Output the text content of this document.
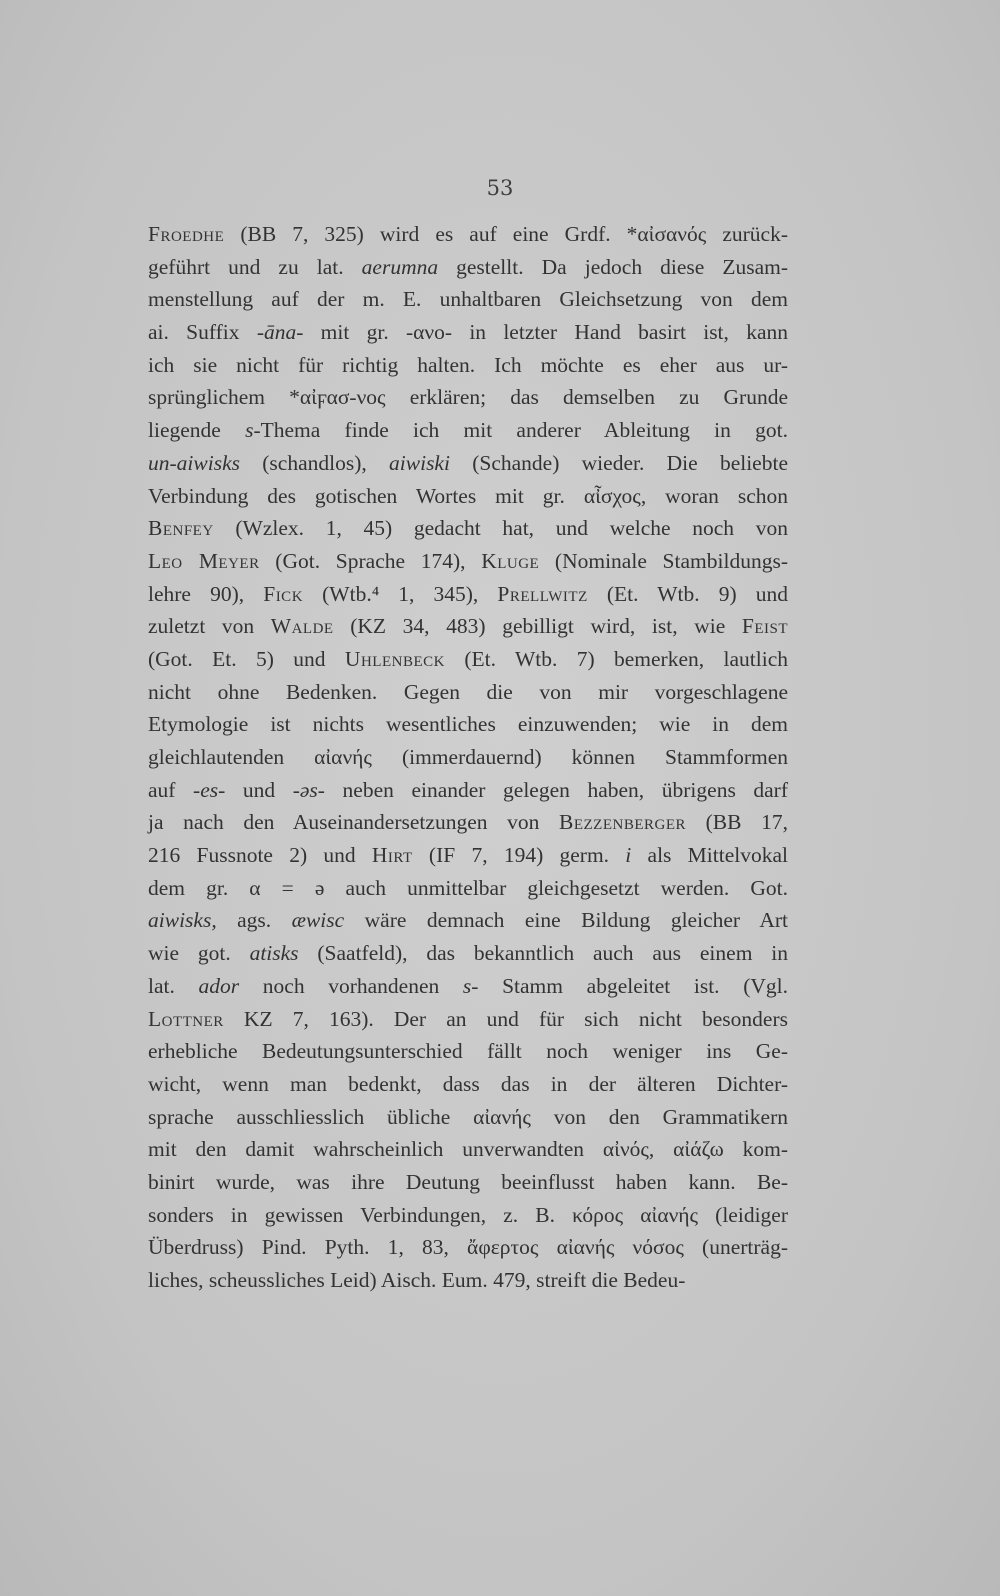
53
Froedhe (BB 7, 325) wird es auf eine Grdf. *αἰσανός zurück-
geführt und zu lat. aerumna gestellt. Da jedoch diese Zusam-
menstellung auf der m. E. unhaltbaren Gleichsetzung von dem
ai. Suffix -āna- mit gr. -ανο- in letzter Hand basirt ist, kann
ich sie nicht für richtig halten. Ich möchte es eher aus ur-
sprünglichem *αἰϝασ-νος erklären; das demselben zu Grunde
liegende s-Thema finde ich mit anderer Ableitung in got.
un-aiwisks (schandlos), aiwiski (Schande) wieder. Die beliebte
Verbindung des gotischen Wortes mit gr. αἶσχος, woran schon
Benfey (Wzlex. 1, 45) gedacht hat, und welche noch von
Leo Meyer (Got. Sprache 174), Kluge (Nominale Stambildungs-
lehre 90), Fick (Wtb.⁴ 1, 345), Prellwitz (Et. Wtb. 9) und
zuletzt von Walde (KZ 34, 483) gebilligt wird, ist, wie Feist
(Got. Et. 5) und Uhlenbeck (Et. Wtb. 7) bemerken, lautlich
nicht ohne Bedenken. Gegen die von mir vorgeschlagene
Etymologie ist nichts wesentliches einzuwenden; wie in dem
gleichlautenden αἰανής (immerdauernd) können Stammformen
auf -es- und -əs- neben einander gelegen haben, übrigens darf
ja nach den Auseinandersetzungen von Bezzenberger (BB 17,
216 Fussnote 2) und Hirt (IF 7, 194) germ. i als Mittelvokal
dem gr. α = ə auch unmittelbar gleichgesetzt werden. Got.
aiwisks, ags. æwisc wäre demnach eine Bildung gleicher Art
wie got. atisks (Saatfeld), das bekanntlich auch aus einem in
lat. ador noch vorhandenen s- Stamm abgeleitet ist. (Vgl.
Lottner KZ 7, 163). Der an und für sich nicht besonders
erhebliche Bedeutungsunterschied fällt noch weniger ins Ge-
wicht, wenn man bedenkt, dass das in der älteren Dichter-
sprache ausschliesslich übliche αἰανής von den Grammatikern
mit den damit wahrscheinlich unverwandten αἰνός, αἰάζω kom-
binirt wurde, was ihre Deutung beeinflusst haben kann. Be-
sonders in gewissen Verbindungen, z. B. κόρος αἰανής (leidiger
Überdruss) Pind. Pyth. 1, 83, ἄφερτος αἰανής νόσος (unerträg-
liches, scheussliches Leid) Aisch. Eum. 479, streift die Bedeu-
